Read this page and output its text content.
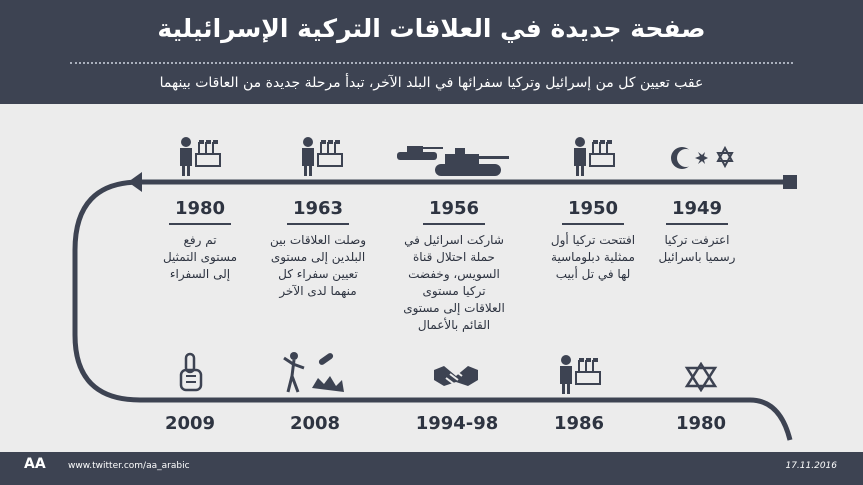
صفحة جديدة في العلاقات التركية الإسرائيلية
عقب تعيين كل من إسرائيل وتركيا سفرائها في البلد الآخر، تبدأ مرحلة جديدة من العاقات بينهما
1949
اعترفت تركيا
رسميا باسرائيل
1950
افتتحت تركيا أول
ممثلية دبلوماسية
لها في تل أبيب
1956
شاركت اسرائيل في
حملة احتلال قناة
السويس، وخفضت
تركيا مستوى
العلاقات إلى مستوى
القائم بالأعمال
1963
وصلت العلاقات بين
البلدين إلى مستوى
تعيين سفراء كل
منهما لدى الآخر
1980
تم رفع
مستوى التمثيل
إلى السفراء
1980
1986
1994-98
2008
2009
AA	www.twitter.com/aa_arabic	17.11.2016
